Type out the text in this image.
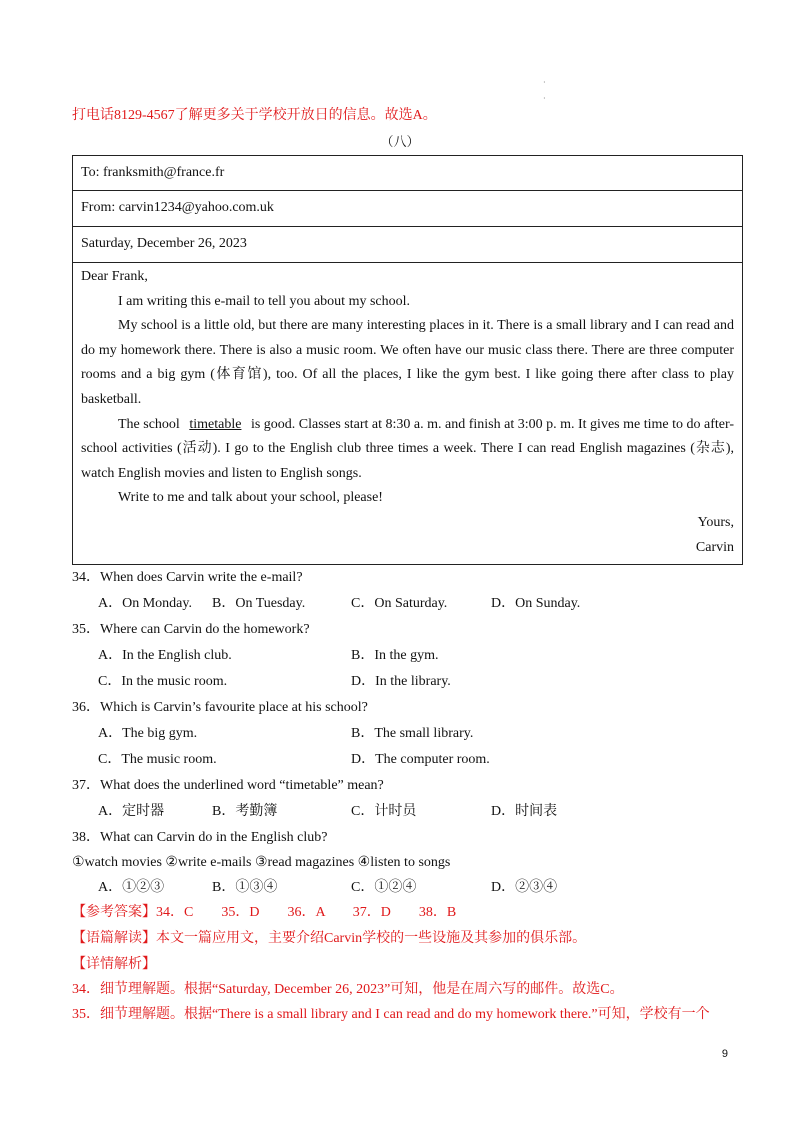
·
·
打电话8129-4567了解更多关于学校开放日的信息。故选A。
（八）
To: franksmith@france.fr
From: carvin1234@yahoo.com.uk
Saturday, December 26, 2023

Dear Frank,

I am writing this e-mail to tell you about my school.

My school is a little old, but there are many interesting places in it. There is a small library and I can read and do my homework there. There is also a music room. We often have our music class there. There are three computer rooms and a big gym (体育馆), too. Of all the places, I like the gym best. I like going there after class to play basketball.

The school timetable is good. Classes start at 8:30 a. m. and finish at 3:00 p. m. It gives me time to do after-school activities (活动). I go to the English club three times a week. There I can read English magazines (杂志), watch English movies and listen to English songs.

Write to me and talk about your school, please!

Yours,

Carvin

34．When does Carvin write the e-mail?
A．On Monday. B．On Tuesday.	C．On Saturday.	D．On Sunday.
35．Where can Carvin do the homework?
A．In the English club.	B．In the gym.
C．In the music room.	D．In the library.
36．Which is Carvin’s favourite place at his school?
A．The big gym.	B．The small library.
C．The music room.	D．The computer room.
37．What does the underlined word “timetable” mean?
A．定时器	B．考勤簿	C．计时员	D．时间表
38．What can Carvin do in the English club?
①watch movies ②write e-mails ③read magazines ④listen to songs
A．①②③	B．①③④	C．①②④	D．②③④
【参考答案】34．C　　35．D　　36．A　　37．D　　38．B
【语篇解读】本文一篇应用文，主要介绍Carvin学校的一些设施及其参加的俱乐部。
【详情解析】
34．细节理解题。根据“Saturday, December 26, 2023”可知，他是在周六写的邮件。故选C。
35．细节理解题。根据“There is a small library and I can read and do my homework there.”可知，学校有一个
9
